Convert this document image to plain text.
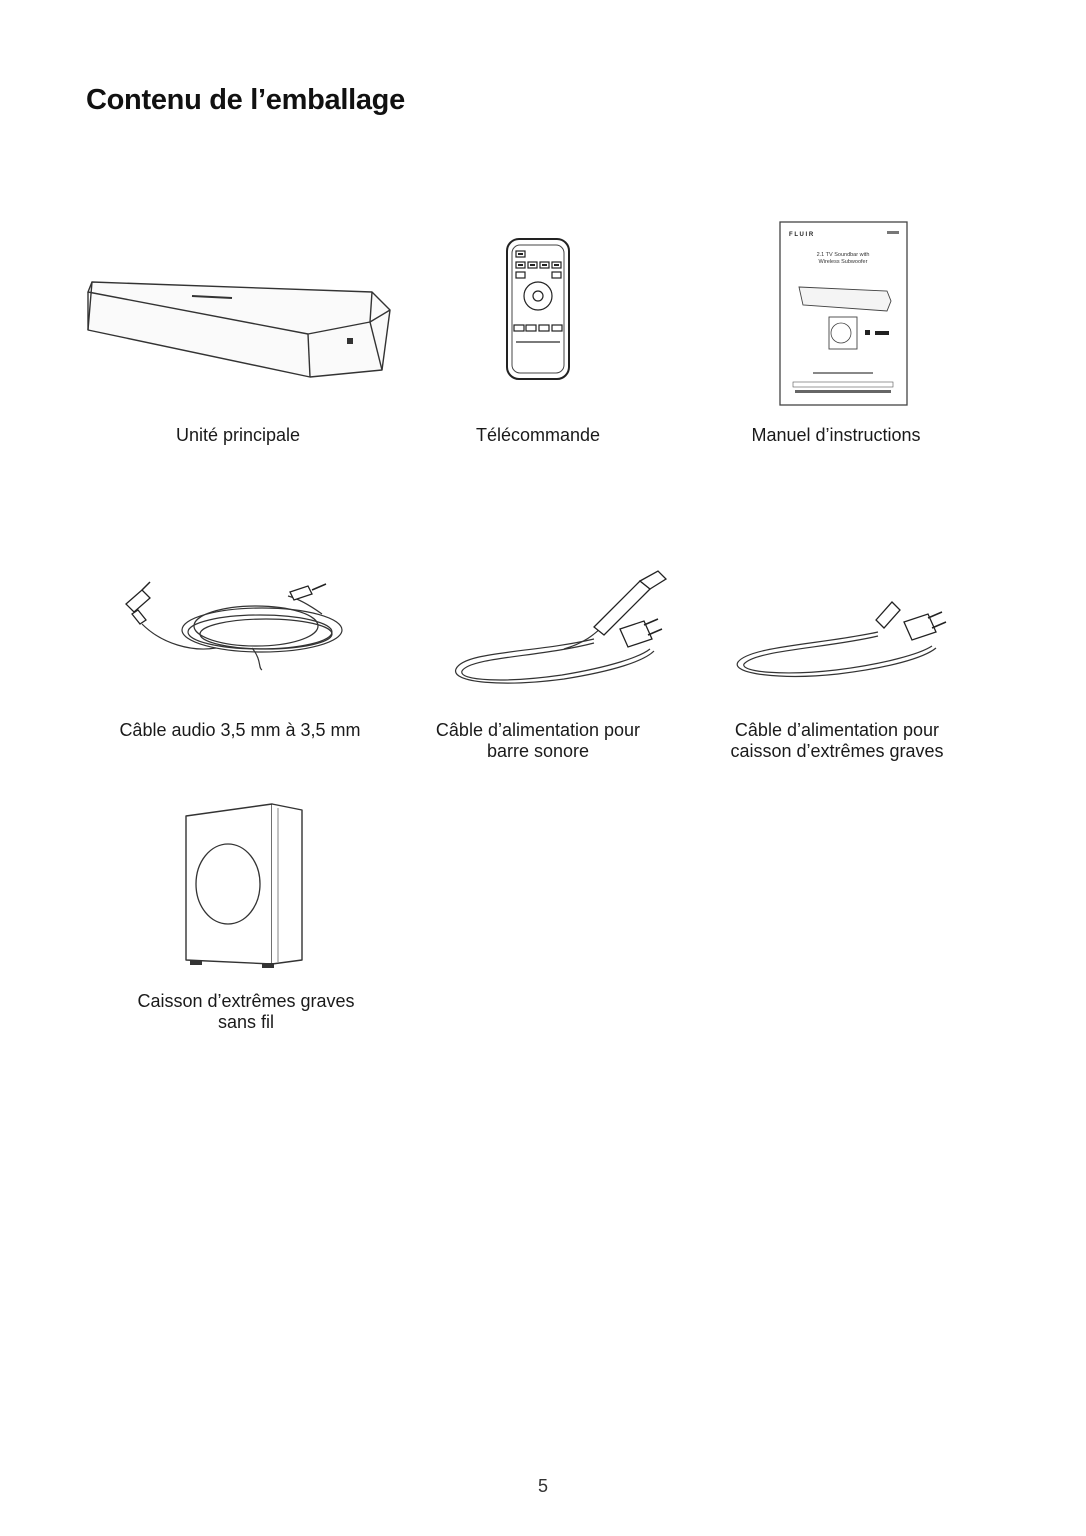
Contenu de l’emballage
Unité principale	Télécommande
F L U I R
2.1 TV Soundbar with
Wireless Subwoofer
Manuel d’instructions
Câble audio 3,5 mm à 3,5 mm	Câble d’alimentation pour
barre sonore
Câble d’alimentation pour
caisson d’extrêmes graves
Caisson d’extrêmes graves
sans fil
5
